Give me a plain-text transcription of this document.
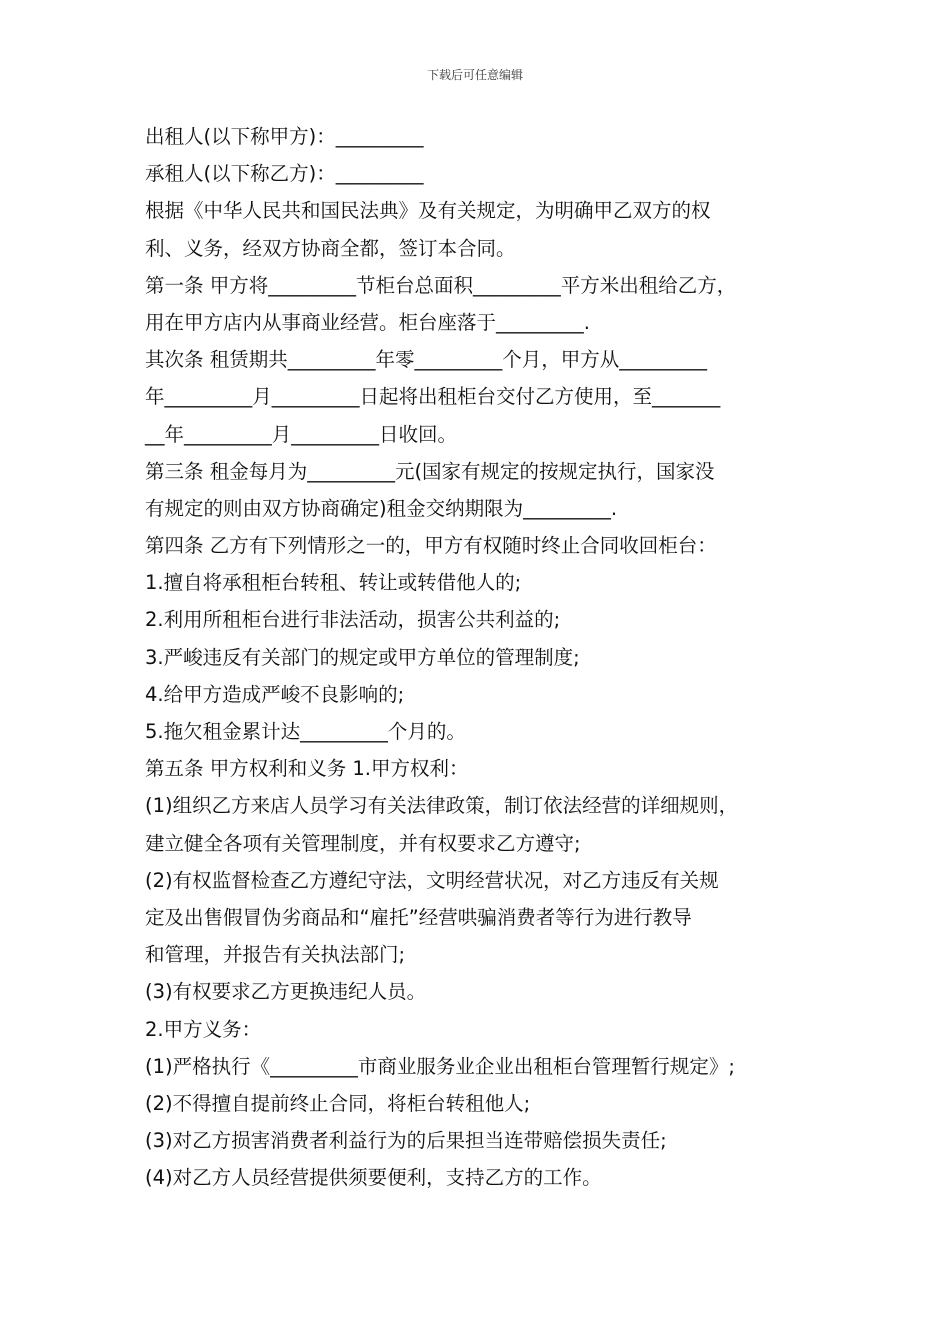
下载后可任意编辑
出租人(以下称甲方)：_________
承租人(以下称乙方)：_________
根据《中华人民共和国民法典》及有关规定，为明确甲乙双方的权
利、义务，经双方协商全都，签订本合同。
第一条 甲方将_________节柜台总面积_________平方米出租给乙方，
用在甲方店内从事商业经营。柜台座落于_________.
其次条 租赁期共_________年零_________个月，甲方从_________
年_________月_________日起将出租柜台交付乙方使用，至_______
__年_________月_________日收回。
第三条 租金每月为_________元(国家有规定的按规定执行，国家没
有规定的则由双方协商确定)租金交纳期限为_________.
第四条 乙方有下列情形之一的，甲方有权随时终止合同收回柜台：
1.擅自将承租柜台转租、转让或转借他人的;
2.利用所租柜台进行非法活动，损害公共利益的;
3.严峻违反有关部门的规定或甲方单位的管理制度;
4.给甲方造成严峻不良影响的;
5.拖欠租金累计达_________个月的。
第五条 甲方权利和义务 1.甲方权利：
(1)组织乙方来店人员学习有关法律政策，制订依法经营的详细规则，
建立健全各项有关管理制度，并有权要求乙方遵守;
(2)有权监督检查乙方遵纪守法，文明经营状况，对乙方违反有关规
定及出售假冒伪劣商品和“雇托”经营哄骗消费者等行为进行教导
和管理，并报告有关执法部门;
(3)有权要求乙方更换违纪人员。
2.甲方义务：
(1)严格执行《_________市商业服务业企业出租柜台管理暂行规定》;
(2)不得擅自提前终止合同，将柜台转租他人;
(3)对乙方损害消费者利益行为的后果担当连带赔偿损失责任;
(4)对乙方人员经营提供须要便利，支持乙方的工作。
